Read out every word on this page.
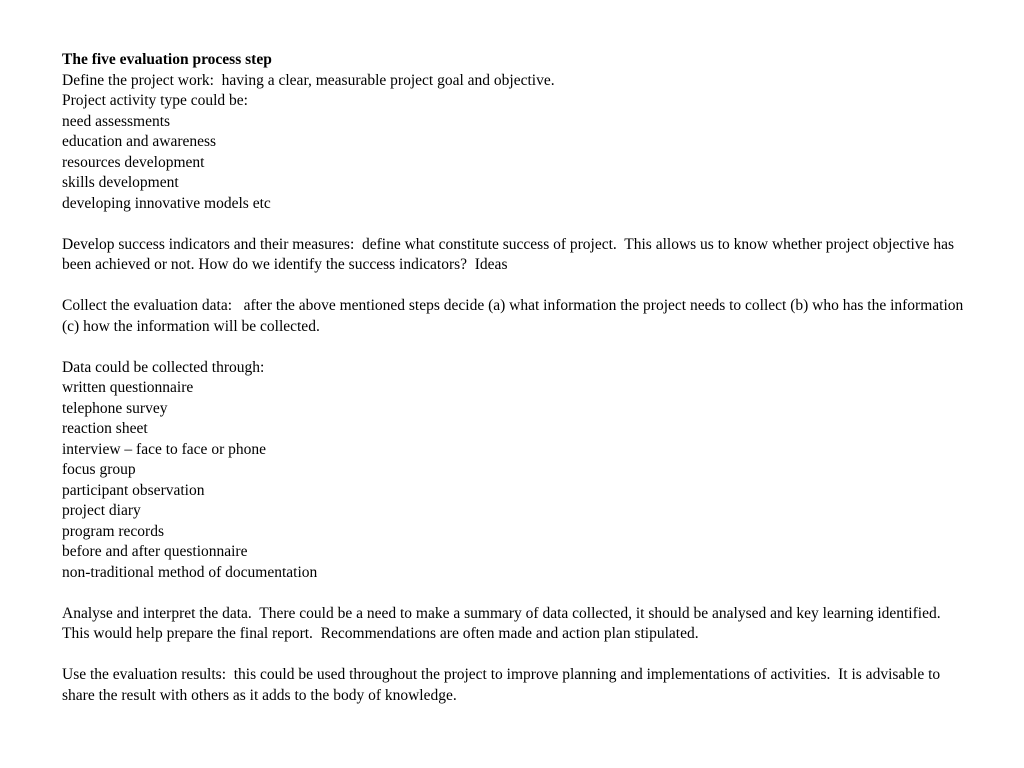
The five evaluation process step

Define the project work:  having a clear, measurable project goal and objective.

Project activity type could be:

need assessments
education and awareness
resources development
skills development
developing innovative models etc

Develop success indicators and their measures:  define what constitute success of project.  This allows us to know whether project objective has been achieved or not. How do we identify the success indicators?  Ideas

Collect the evaluation data:   after the above mentioned steps decide (a) what information the project needs to collect (b) who has the information (c) how the information will be collected.

Data could be collected through:

written questionnaire
telephone survey
reaction sheet
interview – face to face or phone
focus group
participant observation
project diary
program records
before and after questionnaire
non-traditional method of documentation

Analyse and interpret the data.  There could be a need to make a summary of data collected, it should be analysed and key learning identified.  This would help prepare the final report.  Recommendations are often made and action plan stipulated.

Use the evaluation results:  this could be used throughout the project to improve planning and implementations of activities.  It is advisable to share the result with others as it adds to the body of knowledge.
